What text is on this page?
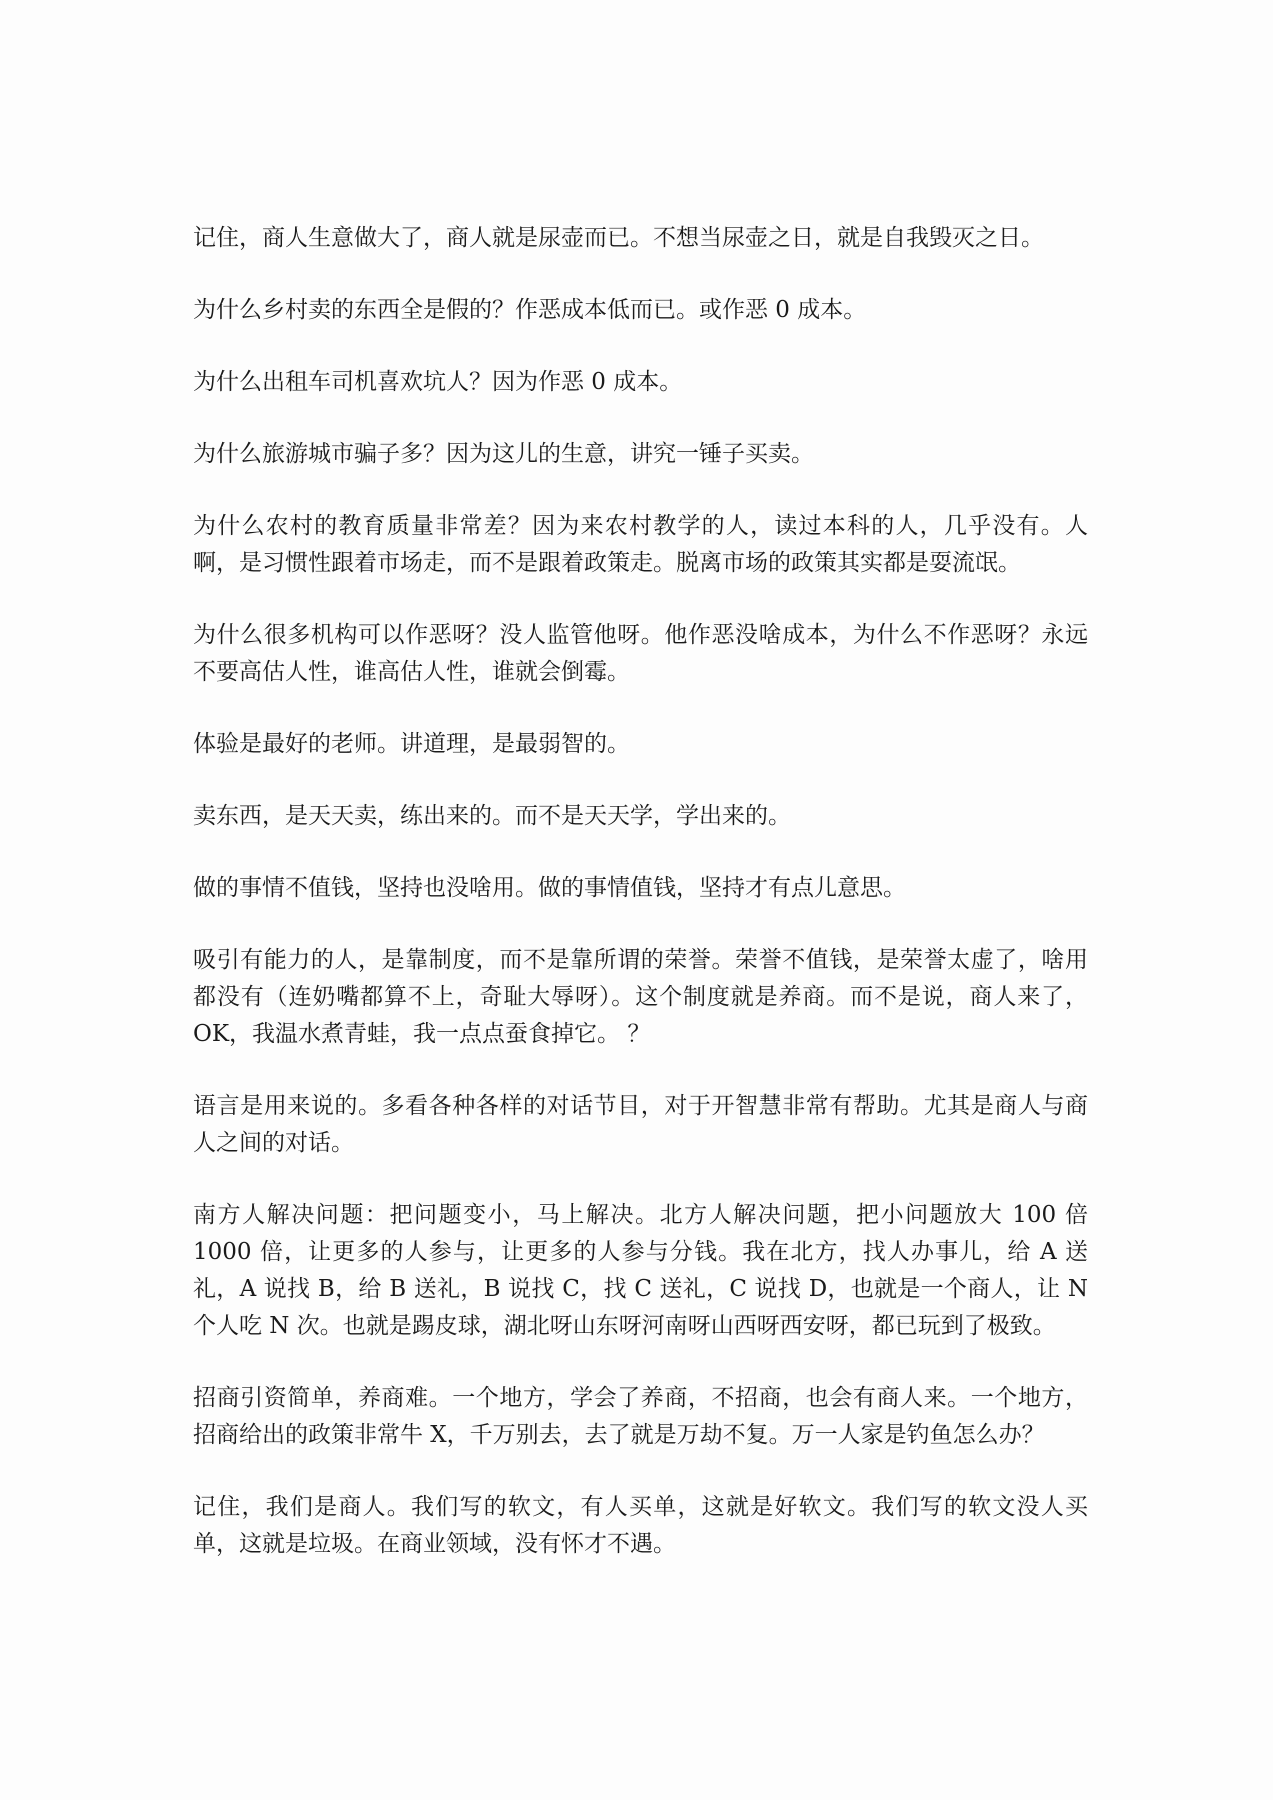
记住，商人生意做大了，商人就是尿壶而已。不想当尿壶之日，就是自我毁灭之日。

为什么乡村卖的东西全是假的？作恶成本低而已。或作恶 0 成本。

为什么出租车司机喜欢坑人？因为作恶 0 成本。

为什么旅游城市骗子多？因为这儿的生意，讲究一锤子买卖。

为什么农村的教育质量非常差？因为来农村教学的人，读过本科的人，几乎没有。人啊，是习惯性跟着市场走，而不是跟着政策走。脱离市场的政策其实都是耍流氓。

为什么很多机构可以作恶呀？没人监管他呀。他作恶没啥成本，为什么不作恶呀？永远不要高估人性，谁高估人性，谁就会倒霉。

体验是最好的老师。讲道理，是最弱智的。

卖东西，是天天卖，练出来的。而不是天天学，学出来的。

做的事情不值钱，坚持也没啥用。做的事情值钱，坚持才有点儿意思。

吸引有能力的人，是靠制度，而不是靠所谓的荣誉。荣誉不值钱，是荣誉太虚了，啥用都没有（连奶嘴都算不上，奇耻大辱呀）。这个制度就是养商。而不是说，商人来了，OK，我温水煮青蛙，我一点点蚕食掉它。 ？

语言是用来说的。多看各种各样的对话节目，对于开智慧非常有帮助。尤其是商人与商人之间的对话。

南方人解决问题：把问题变小，马上解决。北方人解决问题，把小问题放大 100 倍 1000 倍，让更多的人参与，让更多的人参与分钱。我在北方，找人办事儿，给 A 送礼，A 说找 B，给 B 送礼，B 说找 C，找 C 送礼，C 说找 D，也就是一个商人，让 N 个人吃 N 次。也就是踢皮球，湖北呀山东呀河南呀山西呀西安呀，都已玩到了极致。

招商引资简单，养商难。一个地方，学会了养商，不招商，也会有商人来。一个地方，招商给出的政策非常牛 X，千万别去，去了就是万劫不复。万一人家是钓鱼怎么办？

记住，我们是商人。我们写的软文，有人买单，这就是好软文。我们写的软文没人买单，这就是垃圾。在商业领域，没有怀才不遇。
